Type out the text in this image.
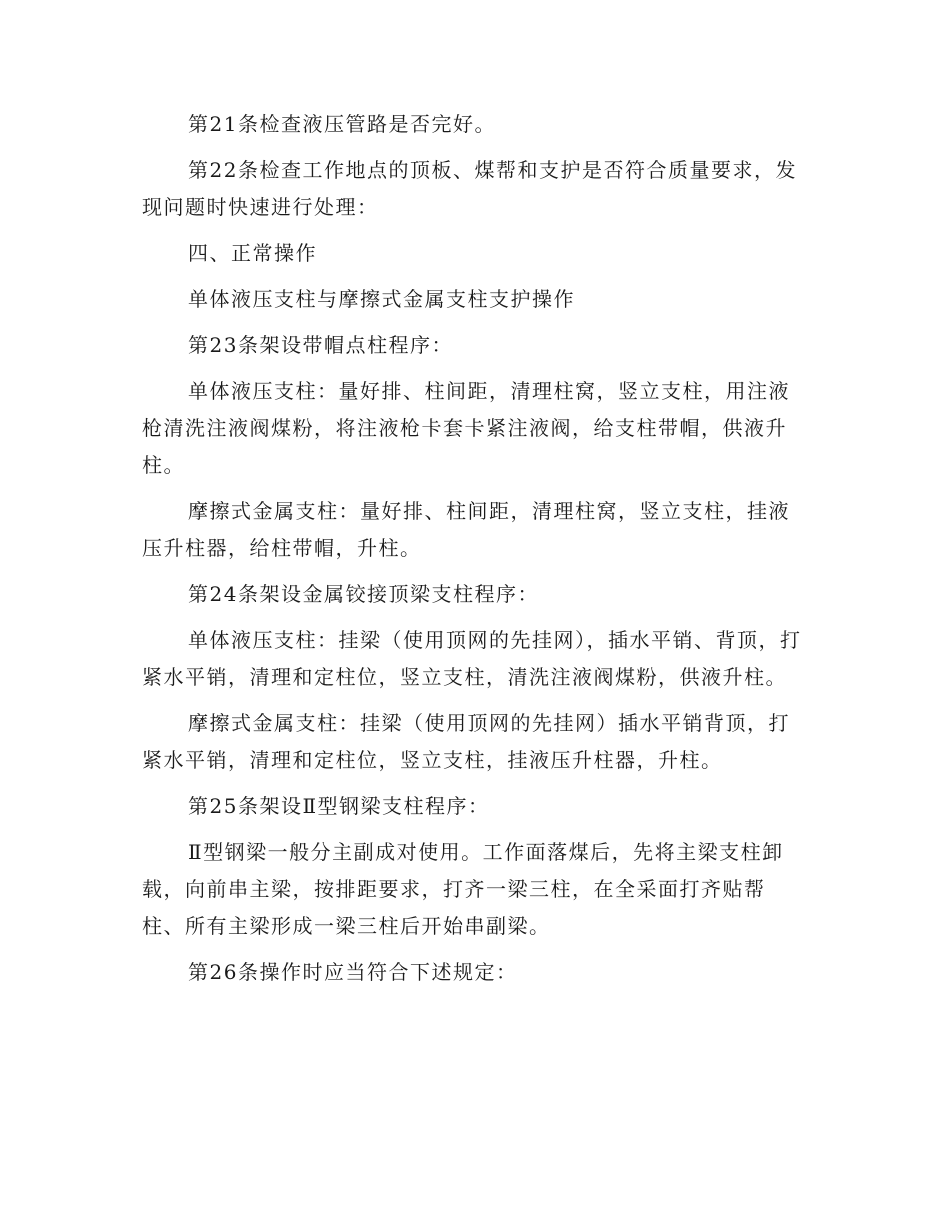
第21条检查液压管路是否完好。

第22条检查工作地点的顶板、煤帮和支护是否符合质量要求，发现问题时快速进行处理：

四、正常操作

单体液压支柱与摩擦式金属支柱支护操作

第23条架设带帽点柱程序：

单体液压支柱：量好排、柱间距，清理柱窝，竖立支柱，用注液枪清洗注液阀煤粉，将注液枪卡套卡紧注液阀，给支柱带帽，供液升柱。

摩擦式金属支柱：量好排、柱间距，清理柱窝，竖立支柱，挂液压升柱器，给柱带帽，升柱。

第24条架设金属铰接顶梁支柱程序：

单体液压支柱：挂梁（使用顶网的先挂网），插水平销、背顶，打紧水平销，清理和定柱位，竖立支柱，清洗注液阀煤粉，供液升柱。

摩擦式金属支柱：挂梁（使用顶网的先挂网）插水平销背顶，打紧水平销，清理和定柱位，竖立支柱，挂液压升柱器，升柱。

第25条架设Ⅱ型钢梁支柱程序：

Ⅱ型钢梁一般分主副成对使用。工作面落煤后，先将主梁支柱卸载，向前串主梁，按排距要求，打齐一梁三柱，在全采面打齐贴帮柱、所有主梁形成一梁三柱后开始串副梁。

第26条操作时应当符合下述规定：
